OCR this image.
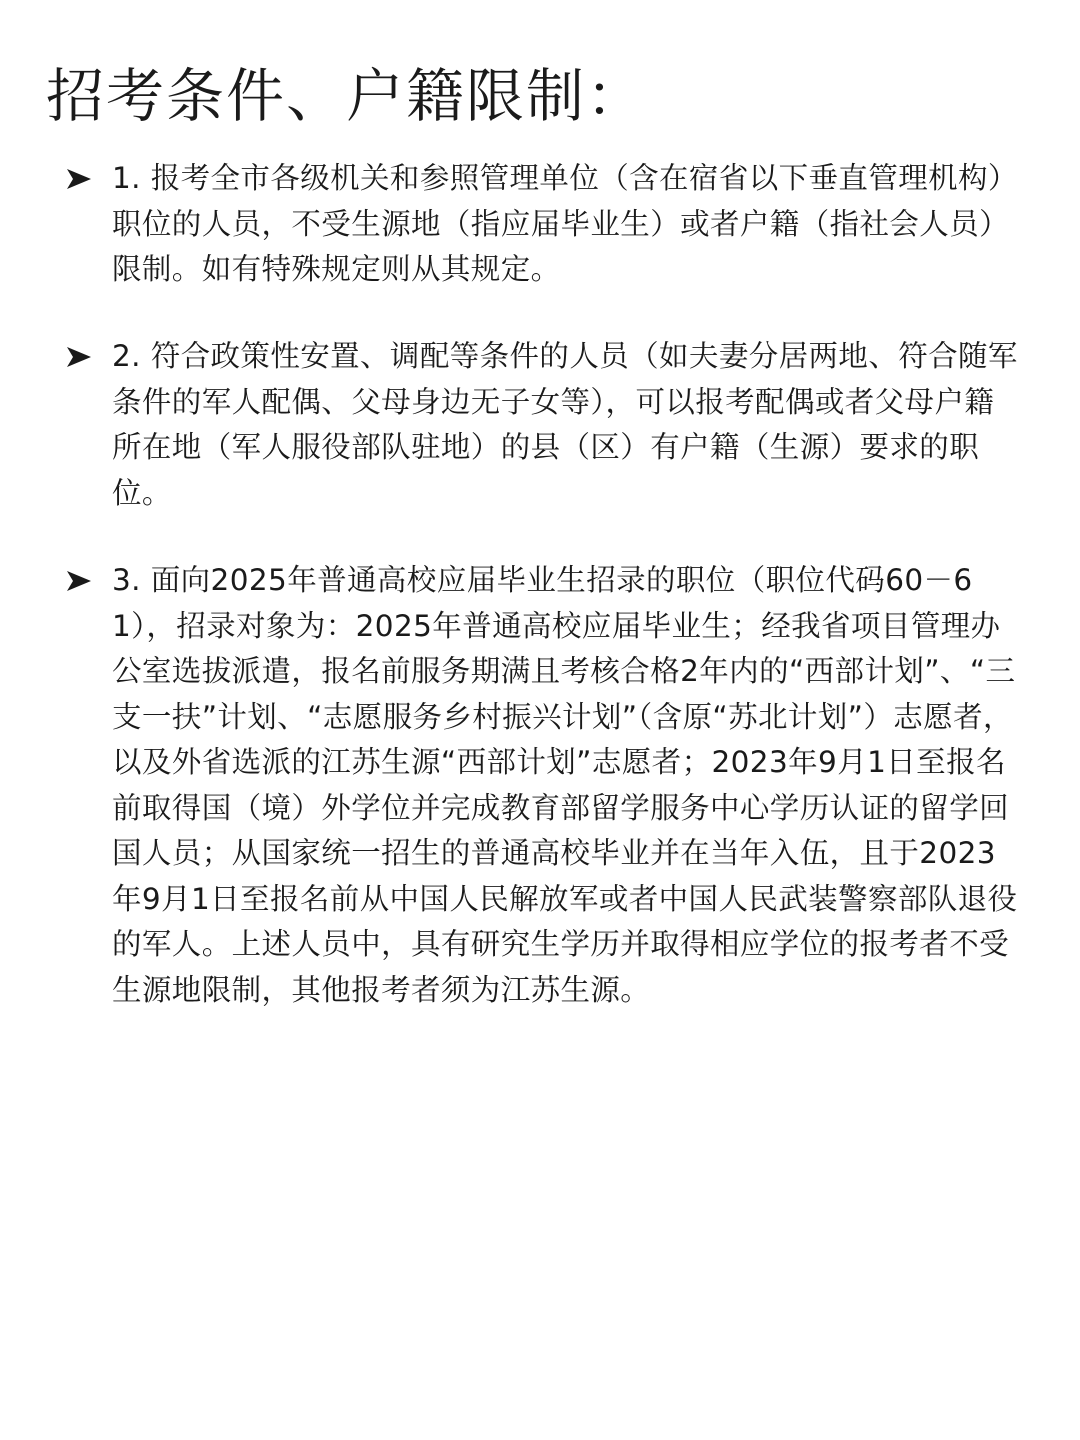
招考条件、户籍限制：

1. 报考全市各级机关和参照管理单位（含在宿省以下垂直管理机构）职位的人员，不受生源地（指应届毕业生）或者户籍（指社会人员）限制。如有特殊规定则从其规定。

2. 符合政策性安置、调配等条件的人员（如夫妻分居两地、符合随军条件的军人配偶、父母身边无子女等），可以报考配偶或者父母户籍所在地（军人服役部队驻地）的县（区）有户籍（生源）要求的职位。

3. 面向2025年普通高校应届毕业生招录的职位（职位代码60－61），招录对象为：2025年普通高校应届毕业生；经我省项目管理办公室选拔派遣，报名前服务期满且考核合格2年内的“西部计划”、“三支一扶”计划、“志愿服务乡村振兴计划”（含原“苏北计划”）志愿者，以及外省选派的江苏生源“西部计划”志愿者；2023年9月1日至报名前取得国（境）外学位并完成教育部留学服务中心学历认证的留学回国人员；从国家统一招生的普通高校毕业并在当年入伍，且于2023年9月1日至报名前从中国人民解放军或者中国人民武装警察部队退役的军人。上述人员中，具有研究生学历并取得相应学位的报考者不受生源地限制，其他报考者须为江苏生源。
